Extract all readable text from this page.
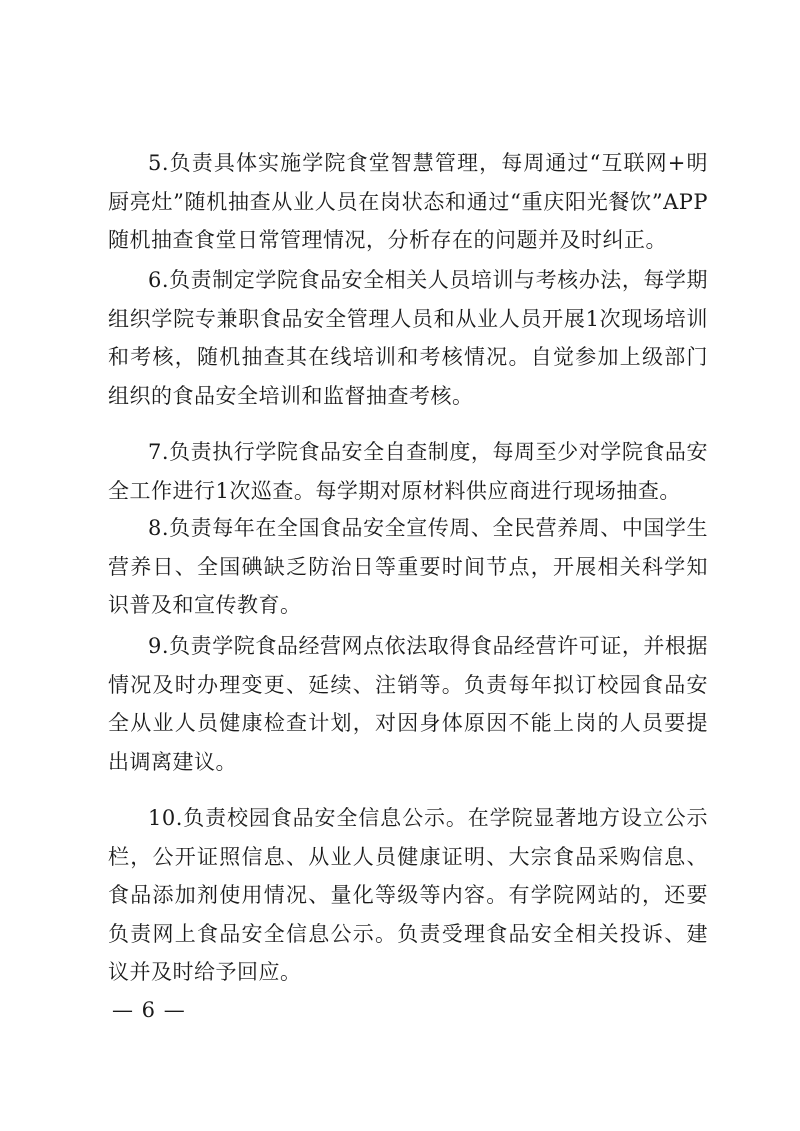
5.负责具体实施学院食堂智慧管理，每周通过“互联网+明厨亮灶”随机抽查从业人员在岗状态和通过“重庆阳光餐饮”APP随机抽查食堂日常管理情况，分析存在的问题并及时纠正。

6.负责制定学院食品安全相关人员培训与考核办法，每学期组织学院专兼职食品安全管理人员和从业人员开展1次现场培训和考核，随机抽查其在线培训和考核情况。自觉参加上级部门组织的食品安全培训和监督抽查考核。

7.负责执行学院食品安全自查制度，每周至少对学院食品安全工作进行1次巡查。每学期对原材料供应商进行现场抽查。

8.负责每年在全国食品安全宣传周、全民营养周、中国学生营养日、全国碘缺乏防治日等重要时间节点，开展相关科学知识普及和宣传教育。

9.负责学院食品经营网点依法取得食品经营许可证，并根据情况及时办理变更、延续、注销等。负责每年拟订校园食品安全从业人员健康检查计划，对因身体原因不能上岗的人员要提出调离建议。

10.负责校园食品安全信息公示。在学院显著地方设立公示栏，公开证照信息、从业人员健康证明、大宗食品采购信息、食品添加剂使用情况、量化等级等内容。有学院网站的，还要负责网上食品安全信息公示。负责受理食品安全相关投诉、建议并及时给予回应。

— 6 —
